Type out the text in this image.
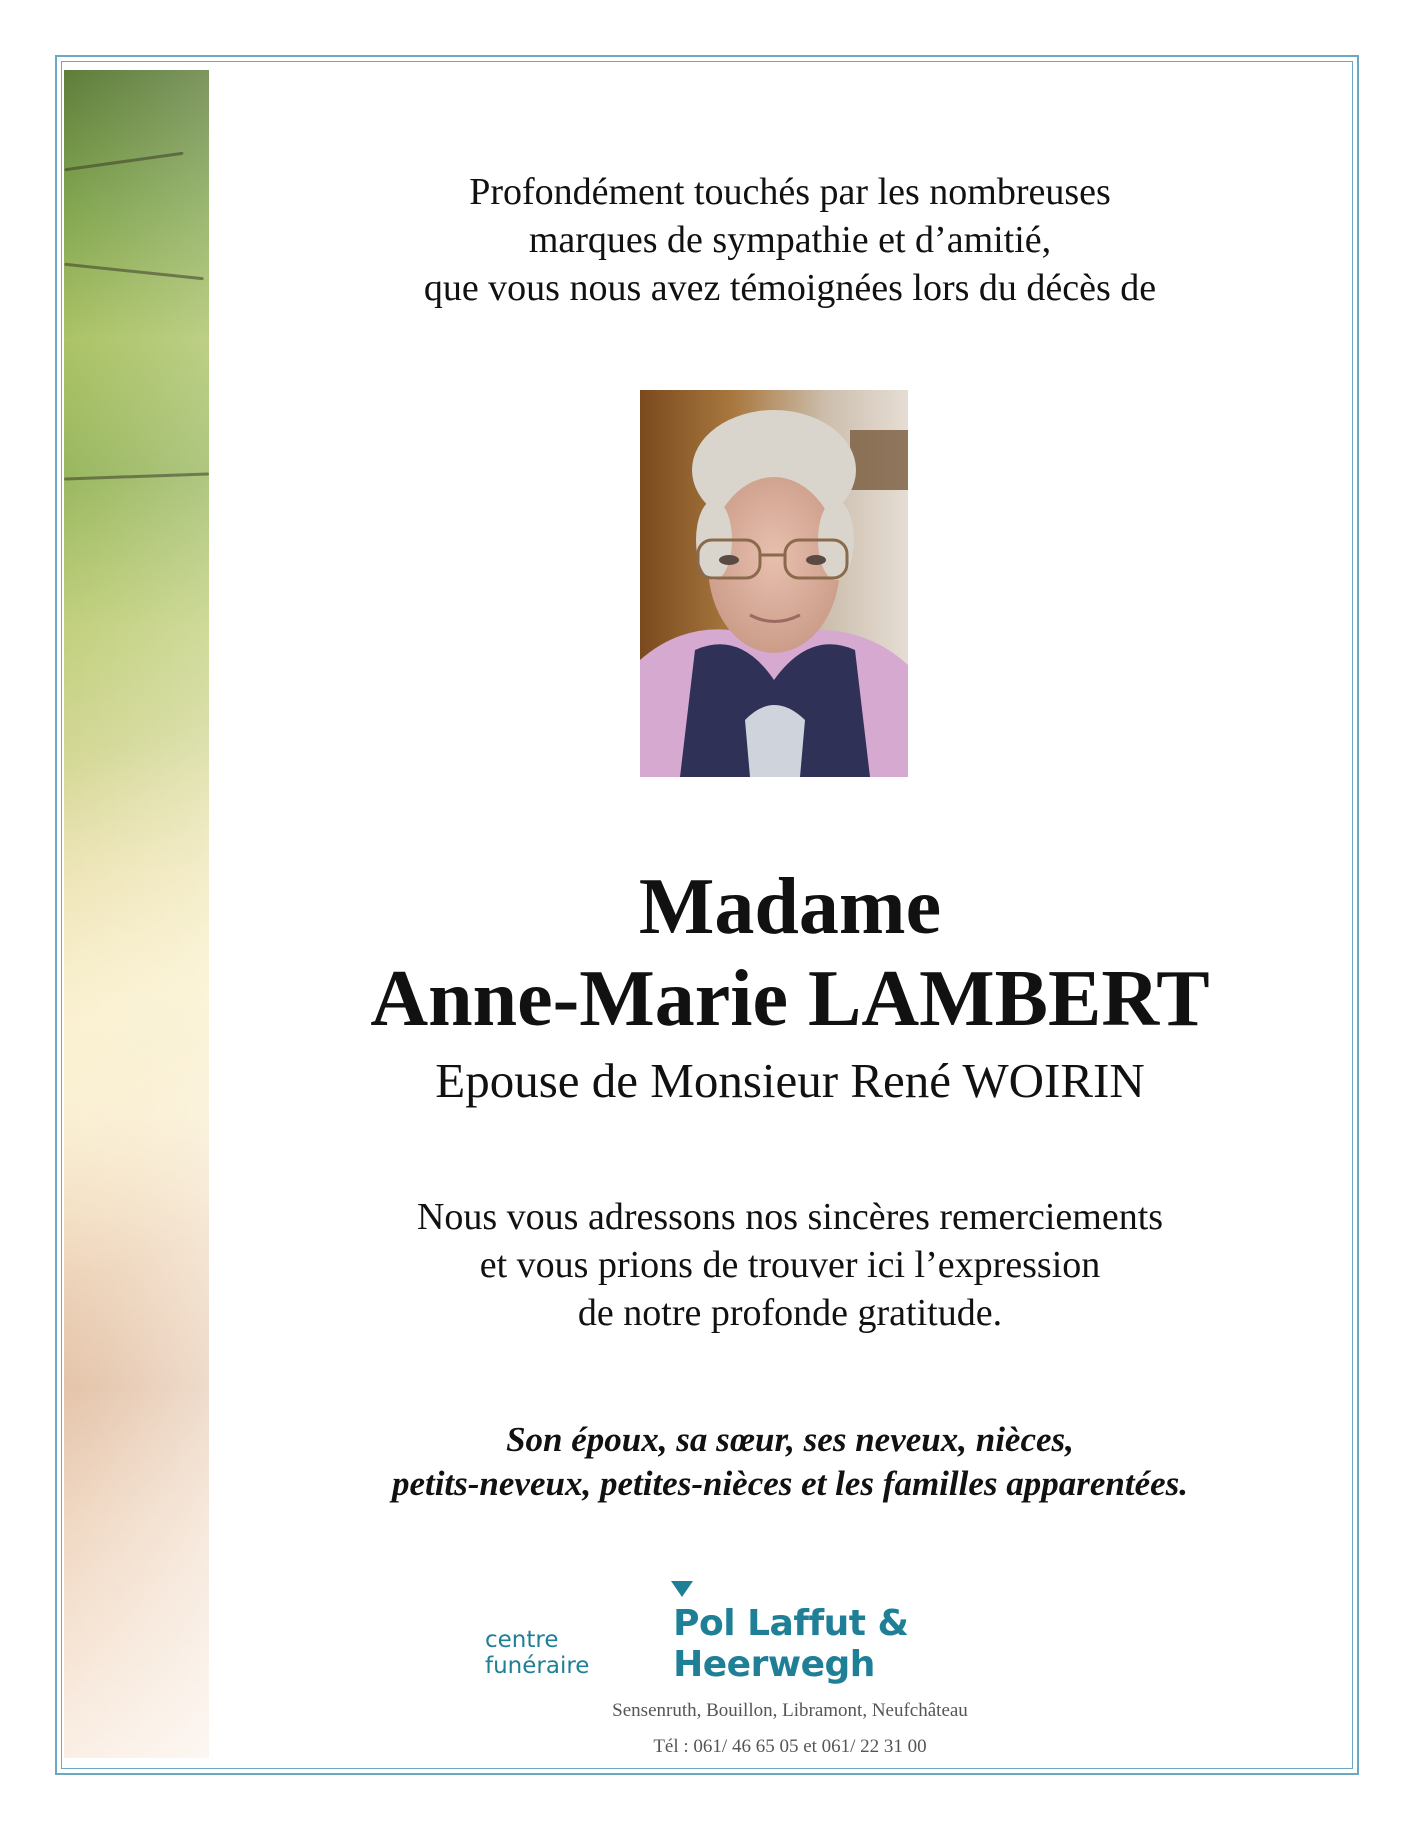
Profondément touchés par les nombreuses
marques de sympathie et d’amitié,
que vous nous avez témoignées lors du décès de
Madame
Anne-Marie LAMBERT
Epouse de Monsieur René WOIRIN
Nous vous adressons nos sincères remerciements
et vous prions de trouver ici l’expression
de notre profonde gratitude.
Son époux, sa sœur, ses neveux, nièces,
petits-neveux, petites-nièces et les familles apparentées.
centre funéraire
Pol Laffut & Heerwegh
Sensenruth, Bouillon, Libramont, Neufchâteau
Tél : 061/ 46 65 05 et 061/ 22 31 00
